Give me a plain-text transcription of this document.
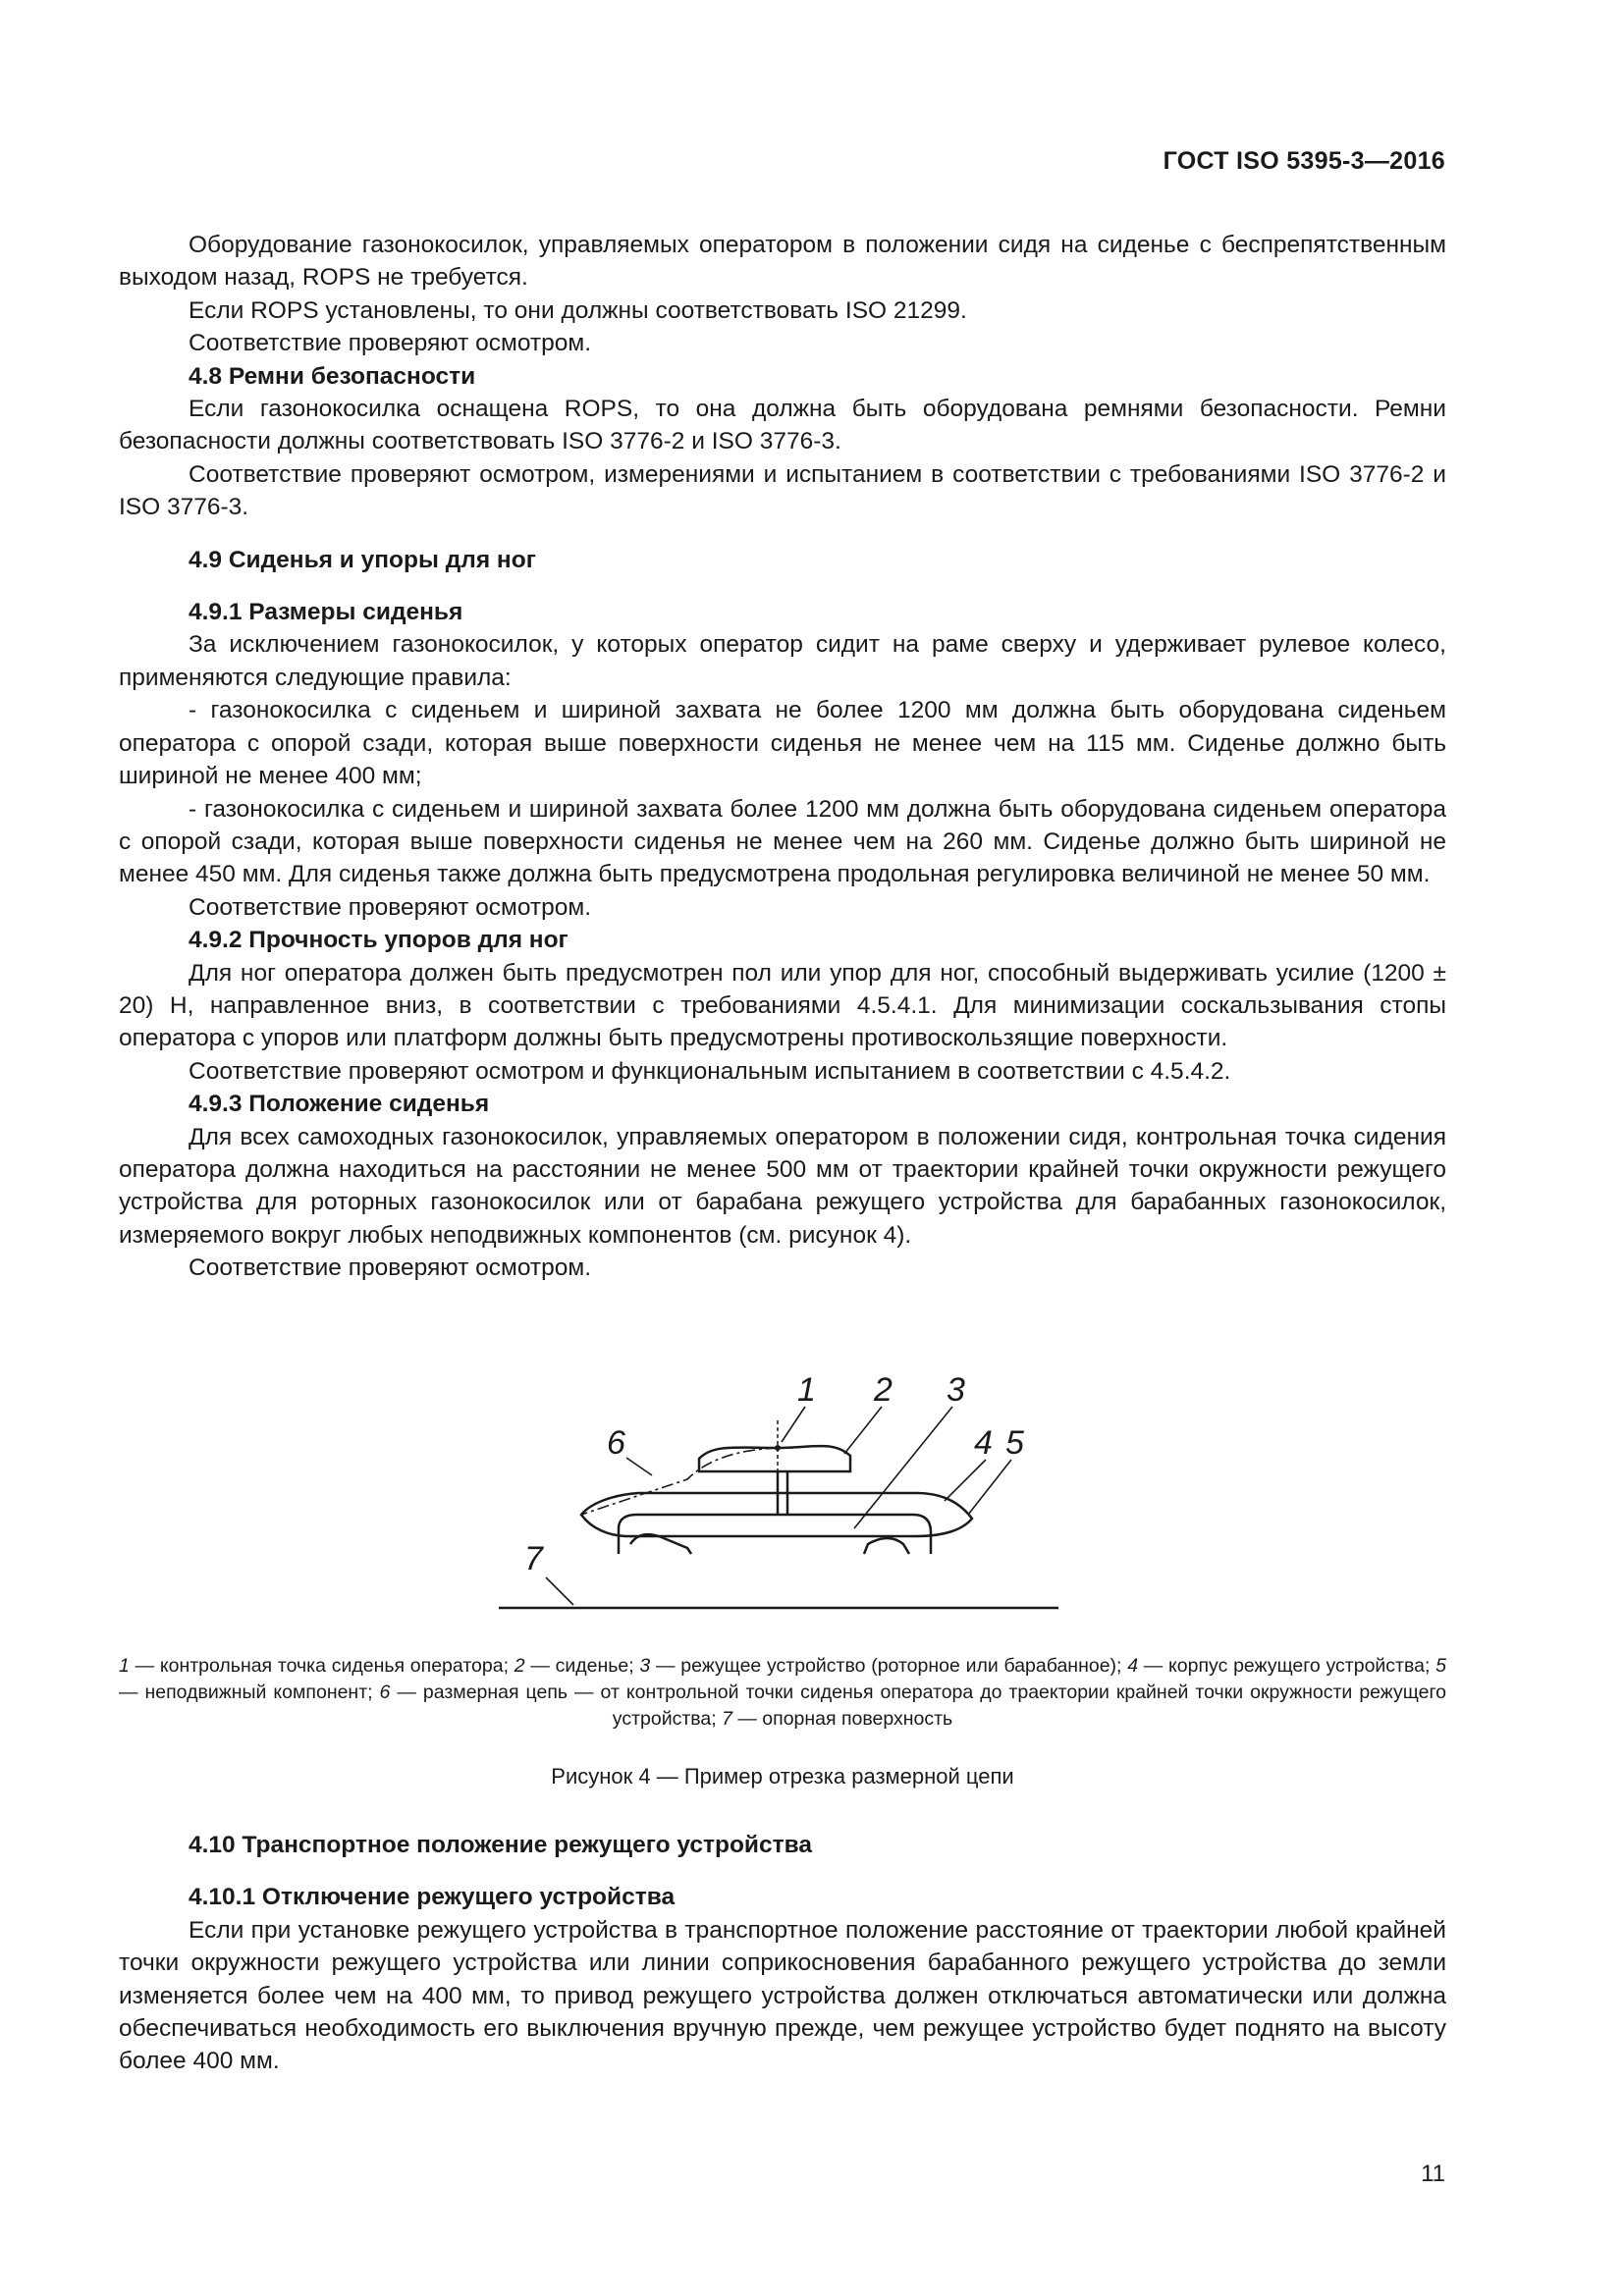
ГОСТ ISO 5395-3—2016

Оборудование газонокосилок, управляемых оператором в положении сидя на сиденье с беспрепятственным выходом назад, ROPS не требуется.

Если ROPS установлены, то они должны соответствовать ISO 21299.

Соответствие проверяют осмотром.

4.8 Ремни безопасности

Если газонокосилка оснащена ROPS, то она должна быть оборудована ремнями безопасности. Ремни безопасности должны соответствовать ISO 3776-2 и ISO 3776-3.

Соответствие проверяют осмотром, измерениями и испытанием в соответствии с требованиями ISO 3776-2 и ISO 3776-3.

4.9 Сиденья и упоры для ног
4.9.1 Размеры сиденья

За исключением газонокосилок, у которых оператор сидит на раме сверху и удерживает рулевое колесо, применяются следующие правила:

- газонокосилка с сиденьем и шириной захвата не более 1200 мм должна быть оборудована сиденьем оператора с опорой сзади, которая выше поверхности сиденья не менее чем на 115 мм. Сиденье должно быть шириной не менее 400 мм;

- газонокосилка с сиденьем и шириной захвата более 1200 мм должна быть оборудована сиденьем оператора с опорой сзади, которая выше поверхности сиденья не менее чем на 260 мм. Сиденье должно быть шириной не менее 450 мм. Для сиденья также должна быть предусмотрена продольная регулировка величиной не менее 50 мм.

Соответствие проверяют осмотром.

4.9.2 Прочность упоров для ног

Для ног оператора должен быть предусмотрен пол или упор для ног, способный выдерживать усилие (1200 ± 20) Н, направленное вниз, в соответствии с требованиями 4.5.4.1. Для минимизации соскальзывания стопы оператора с упоров или платформ должны быть предусмотрены противоскользящие поверхности.

Соответствие проверяют осмотром и функциональным испытанием в соответствии с 4.5.4.2.

4.9.3 Положение сиденья

Для всех самоходных газонокосилок, управляемых оператором в положении сидя, контрольная точка сидения оператора должна находиться на расстоянии не менее 500 мм от траектории крайней точки окружности режущего устройства для роторных газонокосилок или от барабана режущего устройства для барабанных газонокосилок, измеряемого вокруг любых неподвижных компонентов (см. рисунок 4).

Соответствие проверяют осмотром.

1 2 3
4 5
6
7
1 — контрольная точка сиденья оператора; 2 — сиденье; 3 — режущее устройство (роторное или барабанное); 4 — корпус режущего устройства; 5 — неподвижный компонент; 6 — размерная цепь — от контрольной точки сиденья оператора до траектории крайней точки окружности режущего устройства; 7 — опорная поверхность
Рисунок 4 — Пример отрезка размерной цепи
4.10 Транспортное положение режущего устройства
4.10.1 Отключение режущего устройства

Если при установке режущего устройства в транспортное положение расстояние от траектории любой крайней точки окружности режущего устройства или линии соприкосновения барабанного режущего устройства до земли изменяется более чем на 400 мм, то привод режущего устройства должен отключаться автоматически или должна обеспечиваться необходимость его выключения вручную прежде, чем режущее устройство будет поднято на высоту более 400 мм.

11
